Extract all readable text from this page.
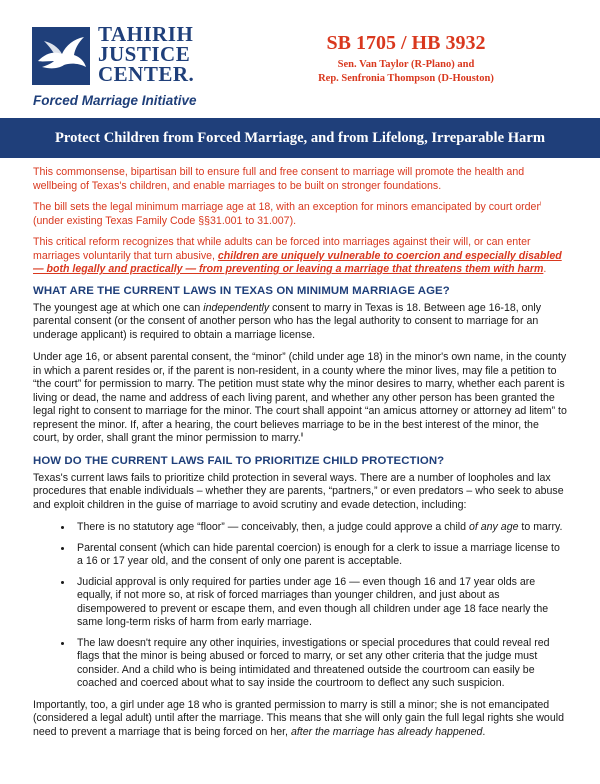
TAHIRIH
JUSTICE
CENTER.
Forced Marriage Initiative
SB 1705 / HB 3932
Sen. Van Taylor (R-Plano) and
Rep. Senfronia Thompson (D-Houston)
Protect Children from Forced Marriage, and from Lifelong, Irreparable Harm

This commonsense, bipartisan bill to ensure full and free consent to marriage will promote the health and wellbeing of Texas's children, and enable marriages to be built on stronger foundations.

The bill sets the legal minimum marriage age at 18, with an exception for minors emancipated by court order$^i$ (under existing Texas Family Code §§31.001 to 31.007).

This critical reform recognizes that while adults can be forced into marriages against their will, or can enter marriages voluntarily that turn abusive, children are uniquely vulnerable to coercion and especially disabled — both legally and practically — from preventing or leaving a marriage that threatens them with harm.

WHAT ARE THE CURRENT LAWS IN TEXAS ON MINIMUM MARRIAGE AGE?

The youngest age at which one can independently consent to marry in Texas is 18. Between age 16-18, only parental consent (or the consent of another person who has the legal authority to consent to marriage for an underage applicant) is required to obtain a marriage license.

Under age 16, or absent parental consent, the “minor” (child under age 18) in the minor's own name, in the county in which a parent resides or, if the parent is non-resident, in a county where the minor lives, may file a petition to “the court” for permission to marry. The petition must state why the minor desires to marry, whether each parent is living or dead, the name and address of each living parent, and whether any other person has been granted the legal right to consent to marriage for the minor. The court shall appoint “an amicus attorney or attorney ad litem” to represent the minor. If, after a hearing, the court believes marriage to be in the best interest of the minor, the court, by order, shall grant the minor permission to marry.$^{ii}$

HOW DO THE CURRENT LAWS FAIL TO PRIORITIZE CHILD PROTECTION?

Texas's current laws fails to prioritize child protection in several ways. There are a number of loopholes and lax procedures that enable individuals – whether they are parents, “partners,” or even predators – who seek to abuse and exploit children in the guise of marriage to avoid scrutiny and evade detection, including:

• There is no statutory age “floor” — conceivably, then, a judge could approve a child of any age to marry.
• Parental consent (which can hide parental coercion) is enough for a clerk to issue a marriage license to a 16 or 17 year old, and the consent of only one parent is acceptable.
• Judicial approval is only required for parties under age 16 — even though 16 and 17 year olds are equally, if not more so, at risk of forced marriages than younger children, and just about as disempowered to prevent or escape them, and even though all children under age 18 face nearly the same long-term risks of harm from early marriage.
• The law doesn't require any other inquiries, investigations or special procedures that could reveal red flags that the minor is being abused or forced to marry, or set any other criteria that the judge must consider. And a child who is being intimidated and threatened outside the courtroom can easily be coached and coerced about what to say inside the courtroom to deflect any such suspicion.

Importantly, too, a girl under age 18 who is granted permission to marry is still a minor; she is not emancipated (considered a legal adult) until after the marriage. This means that she will only gain the full legal rights she would need to prevent a marriage that is being forced on her, after the marriage has already happened.
